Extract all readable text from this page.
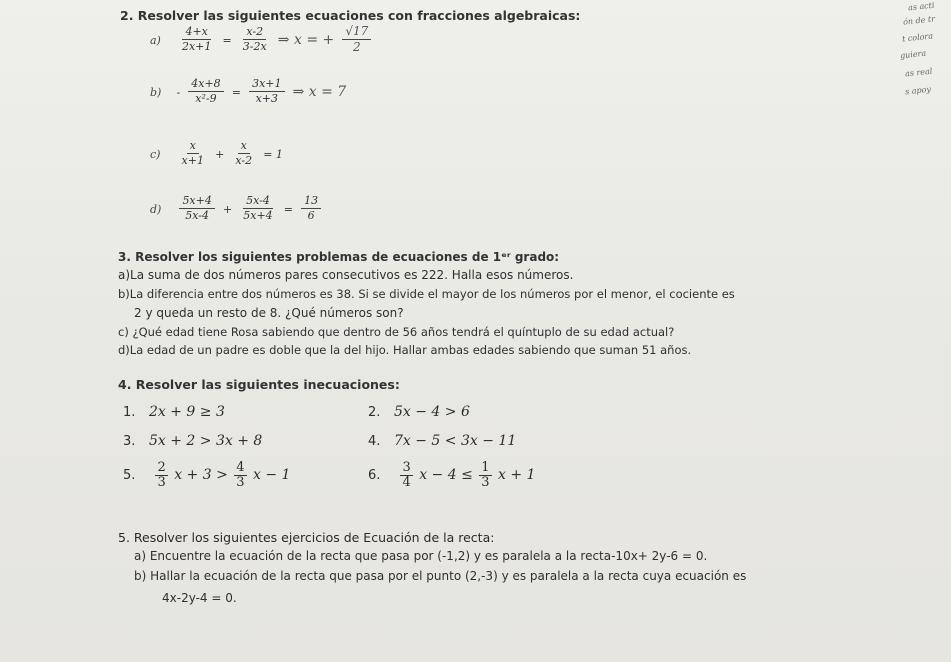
2. Resolver las siguientes ecuaciones con fracciones algebraicas:
$a) \frac{4+x}{2x+1} = \frac{x-2}{3-2x}$ ⇒ x = + $\frac{√17}{2}$
$b) - \frac{4x+8}{\text{x²-9}} = \frac{3x+1}{x+3}$ ⇒ x = 7
$c) \frac{x}{x+1} + \frac{x}{x-2} = 1$
$d) \frac{5x+4}{5x-4} + \frac{5x-4}{5x+4} = \frac{13}{6}$
3. Resolver los siguientes problemas de ecuaciones de 1ᵉʳ grado:
a)La suma de dos números pares consecutivos es 222. Halla esos números.
b)La diferencia entre dos números es 38. Si se divide el mayor de los números por el menor, el cociente es
2 y queda un resto de 8. ¿Qué números son?
c) ¿Qué edad tiene Rosa sabiendo que dentro de 56 años tendrá el quíntuplo de su edad actual?
d)La edad de un padre es doble que la del hijo. Hallar ambas edades sabiendo que suman 51 años.
4. Resolver las siguientes inecuaciones:
1. 2x + 9 ≥ 3	2. 5x − 4 > 6
3. 5x + 2 > 3x + 8	4. 7x − 5 < 3x − 11
5. $\frac{2}{3}$ $x + 3 > \frac{4}{3}$ x − 1	6. $\frac{3}{4}$ $x - 4 \le \frac{1}{3}$ x + 1
5. Resolver los siguientes ejercicios de Ecuación de la recta:
a) Encuentre la ecuación de la recta que pasa por (-1,2) y es paralela a la recta-10x+ 2y-6 = 0.
b) Hallar la ecuación de la recta que pasa por el punto (2,-3) y es paralela a la recta cuya ecuación es
4x-2y-4 = 0.
as acti
ón de tr
t colora
guiera
as real
s apoy
